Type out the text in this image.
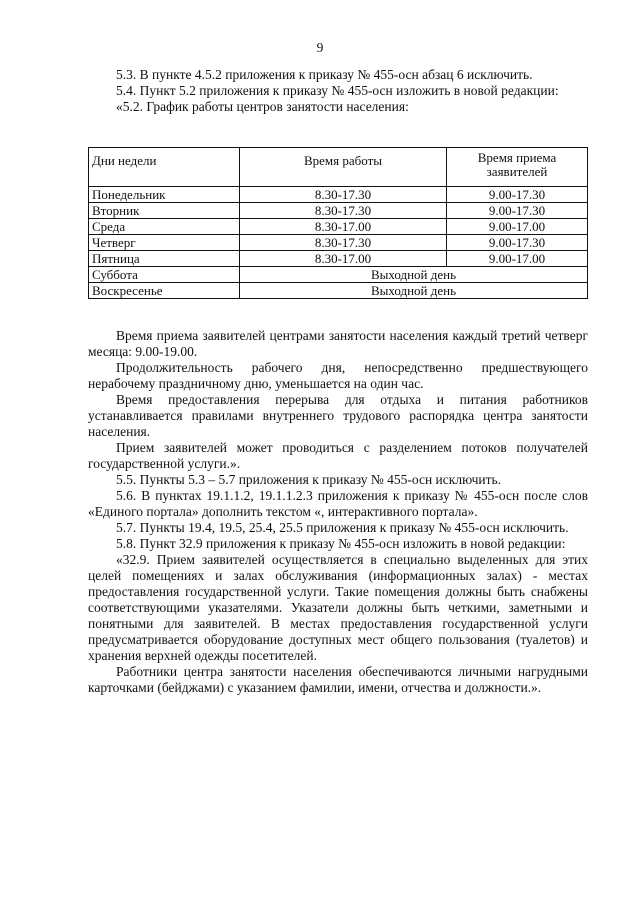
9

5.3. В пункте 4.5.2 приложения к приказу № 455-осн абзац 6 исключить.

5.4. Пункт 5.2 приложения к приказу № 455-осн изложить в новой редакции:

«5.2. График работы центров занятости населения:

Дни недели	Время работы	Время приема заявителей
Понедельник	8.30-17.30	9.00-17.30
Вторник	8.30-17.30	9.00-17.30
Среда	8.30-17.00	9.00-17.00
Четверг	8.30-17.30	9.00-17.30
Пятница	8.30-17.00	9.00-17.00
Суббота	Выходной день	
Воскресенье	Выходной день	

Время приема заявителей центрами занятости населения каждый третий четверг месяца: 9.00-19.00.

Продолжительность рабочего дня, непосредственно предшествующего нерабочему праздничному дню, уменьшается на один час.

Время предоставления перерыва для отдыха и питания работников устанавливается правилами внутреннего трудового распорядка центра занятости населения.

Прием заявителей может проводиться с разделением потоков получателей государственной услуги.».

5.5. Пункты 5.3 – 5.7 приложения к приказу № 455-осн исключить.

5.6. В пунктах 19.1.1.2, 19.1.1.2.3 приложения к приказу № 455-осн после слов «Единого портала» дополнить текстом «, интерактивного портала».

5.7. Пункты 19.4, 19.5, 25.4, 25.5 приложения к приказу № 455-осн исключить.

5.8. Пункт 32.9 приложения к приказу № 455-осн изложить в новой редакции:

«32.9. Прием заявителей осуществляется в специально выделенных для этих целей помещениях и залах обслуживания (информационных залах) - местах предоставления государственной услуги. Такие помещения должны быть снабжены соответствующими указателями. Указатели должны быть четкими, заметными и понятными для заявителей. В местах предоставления государственной услуги предусматривается оборудование доступных мест общего пользования (туалетов) и хранения верхней одежды посетителей.

Работники центра занятости населения обеспечиваются личными нагрудными карточками (бейджами) с указанием фамилии, имени, отчества и должности.».
